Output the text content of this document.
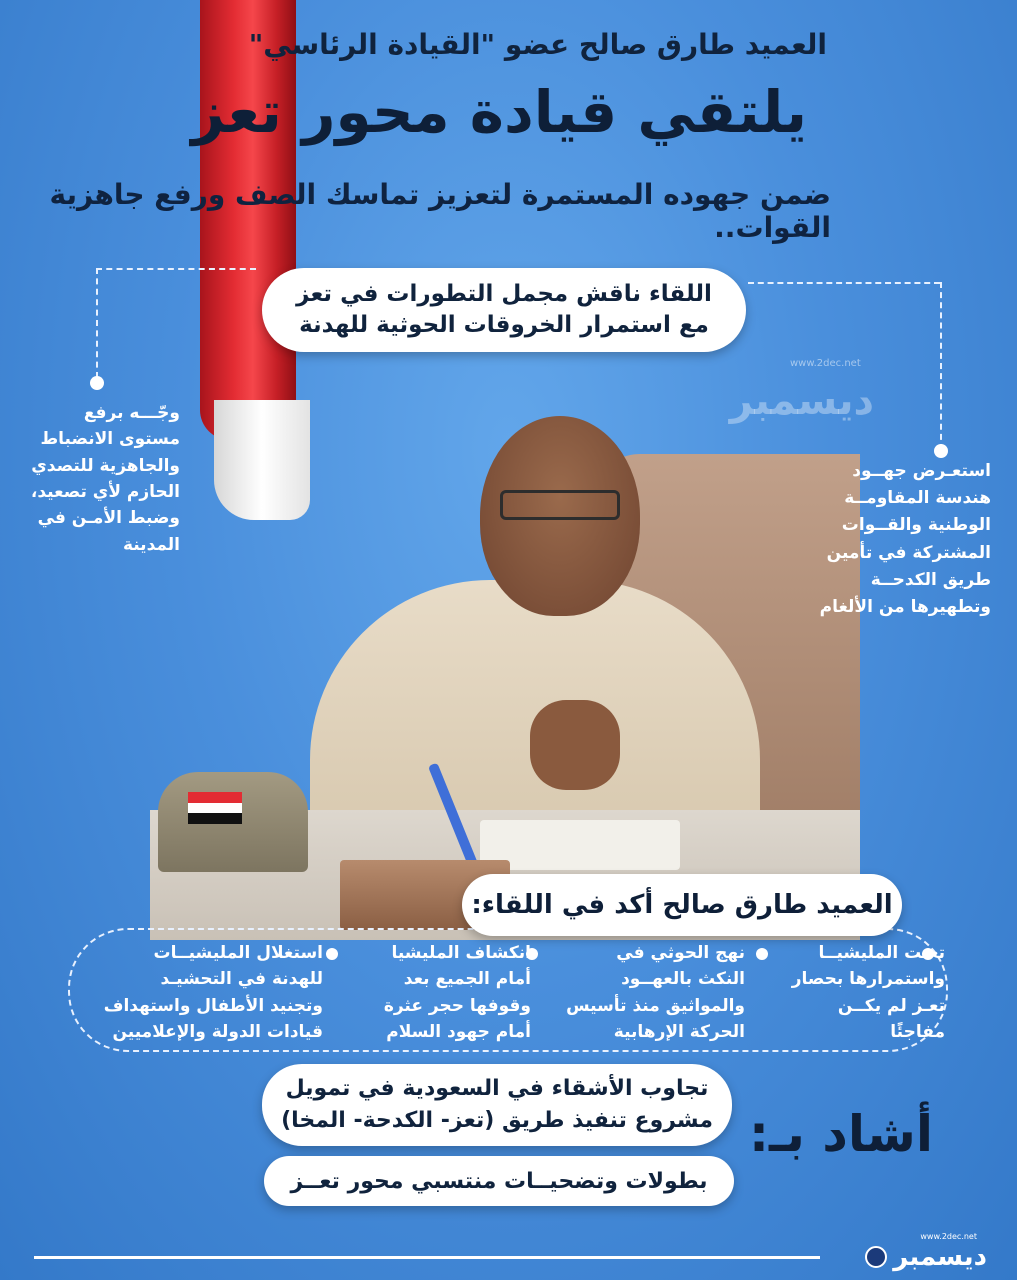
العميد طارق صالح عضو "القيادة الرئاسي"
يلتقي قيادة محور تعز
ضمن جهوده المستمرة لتعزيز تماسك الصف ورفع جاهزية القوات..
اللقاء ناقش مجمل التطورات في تعز
مع استمرار الخروقات الحوثية للهدنة
ديسمبر
www.2dec.net
وجّـــه برفع
مستوى الانضباط
والجاهزية للتصدي
الحازم لأي تصعيد،
وضبط الأمـن في
المدينة
استعـرض جهــود
هندسة المقاومــة
الوطنية والقــوات
المشتركة في تأمين
طريق الكدحــة
وتطهيرها من الألغام
العميد طارق صالح أكد في اللقاء:
تعنت المليشيــا
واستمرارها بحصار
تعـز لم يكــن
مفاجئًا
نهج الحوثي في
النكث بالعهــود
والمواثيق منذ تأسيس
الحركة الإرهابية
انكشاف المليشيا
أمام الجميع بعد
وقوفها حجر عثرة
أمام جهود السلام
استغلال المليشيــات
للهدنة في التحشيـد
وتجنيد الأطفال واستهداف
قيادات الدولة والإعلاميين
تجاوب الأشقاء في السعودية في تمويل
مشروع تنفيذ طريق (تعز- الكدحة- المخا)
بطولات وتضحيــات منتسبي محور تعــز
أشاد بـ:
www.2dec.net
ديسمبر
